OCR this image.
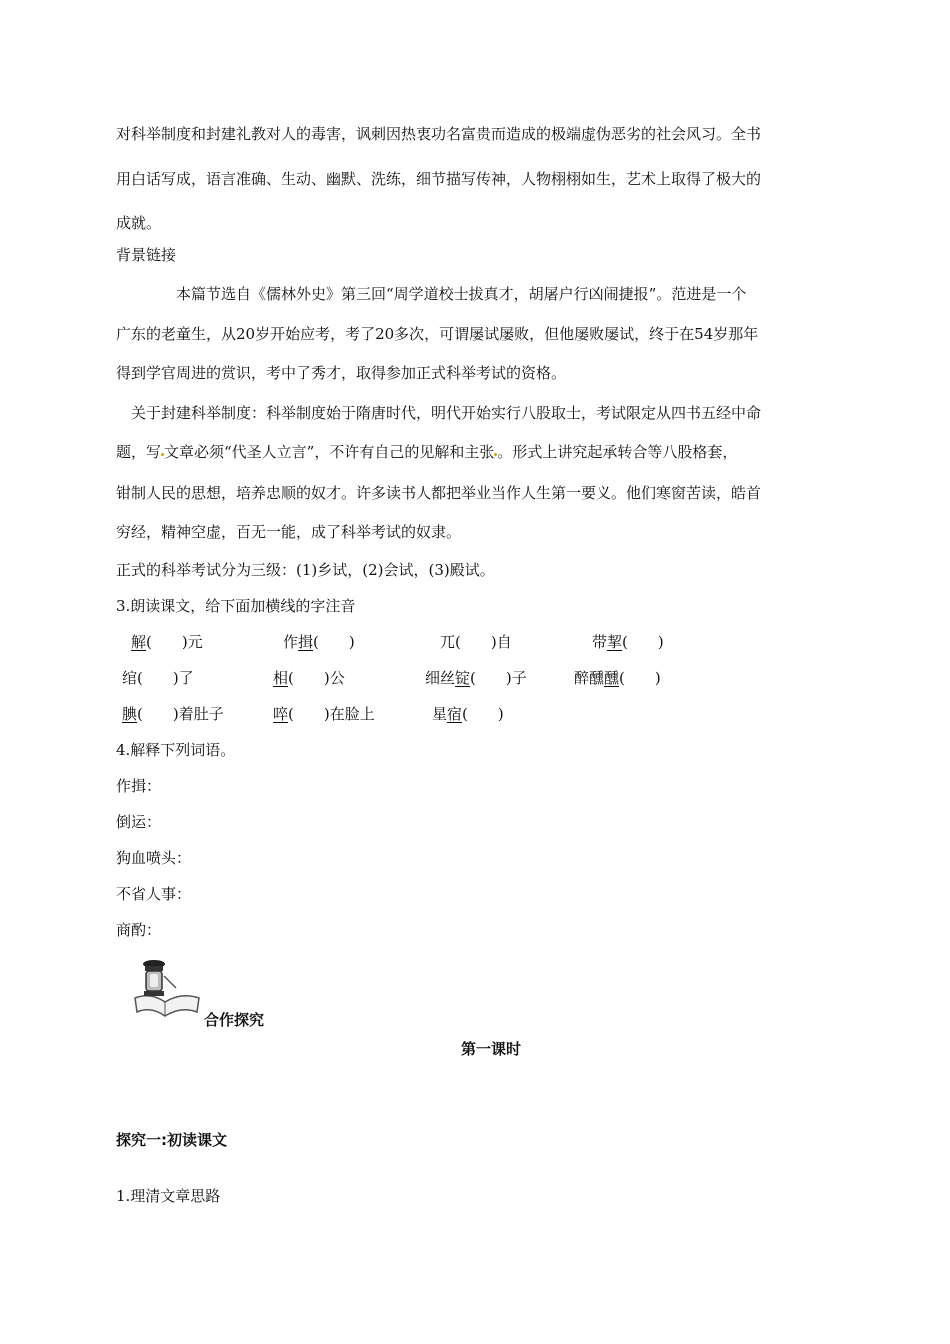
对科举制度和封建礼教对人的毒害，讽刺因热衷功名富贵而造成的极端虚伪恶劣的社会风习。全书
用白话写成，语言准确、生动、幽默、洗练，细节描写传神，人物栩栩如生，艺术上取得了极大的
成就。
背景链接
本篇节选自《儒林外史》第三回“周学道校士拔真才，胡屠户行凶闹捷报”。范进是一个
广东的老童生，从20岁开始应考，考了20多次，可谓屡试屡败，但他屡败屡试，终于在54岁那年
得到学官周进的赏识，考中了秀才，取得参加正式科举考试的资格。
关于封建科举制度：科举制度始于隋唐时代，明代开始实行八股取士，考试限定从四书五经中命
题，写 文章必须“代圣人立言”，不许有自己的见解和主张 。形式上讲究起承转合等八股格套，
钳制人民的思想，培养忠顺的奴才。许多读书人都把举业当作人生第一要义。他们寒窗苦读，皓首
穷经，精神空虚，百无一能，成了科举考试的奴隶。
正式的科举考试分为三级：(1)乡试，(2)会试，(3)殿试。
3.朗读课文，给下面加横线的字注音
解(　　)元	作揖(　　)	兀(　　)自	带挈(　　)
绾(　　)了	相(　　)公	细丝锭(　　)子	醉醺醺(　　)
腆(　　)着肚子	啐(　　)在脸上	星宿(　　)
4.解释下列词语。
作揖：
倒运：
狗血喷头：
不省人事：
商酌：
合作探究
第一课时
探究一:初读课文
1.理清文章思路
